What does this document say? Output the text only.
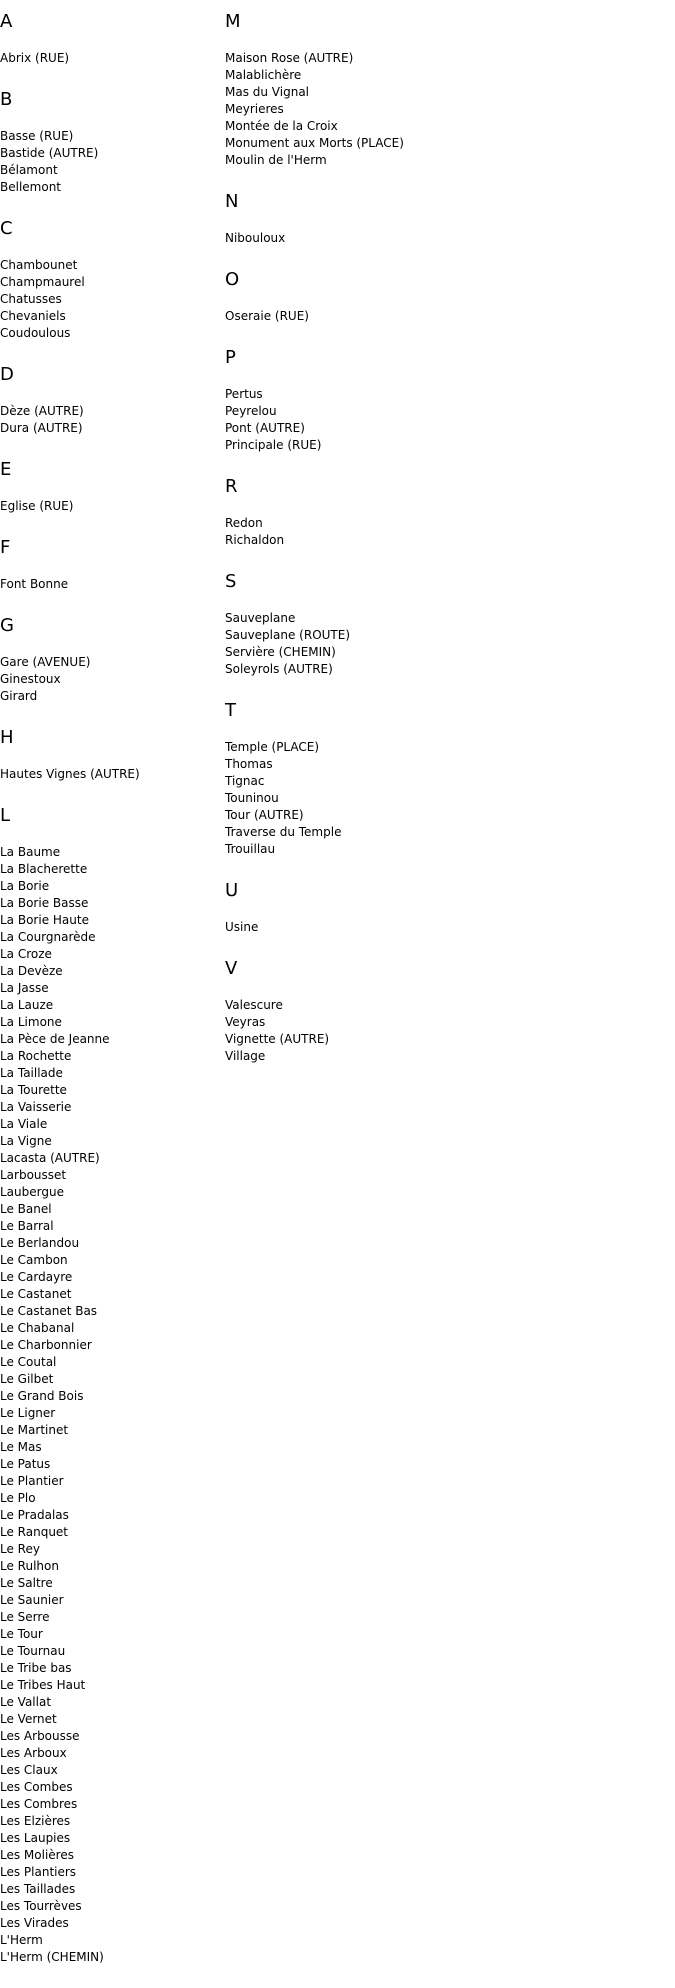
A
Abrix (RUE)
B
Basse (RUE)
Bastide (AUTRE)
Bélamont
Bellemont
C
Chambounet
Champmaurel
Chatusses
Chevaniels
Coudoulous
D
Dèze (AUTRE)
Dura (AUTRE)
E
Eglise (RUE)
F
Font Bonne
G
Gare (AVENUE)
Ginestoux
Girard
H
Hautes Vignes (AUTRE)
L
La Baume
La Blacherette
La Borie
La Borie Basse
La Borie Haute
La Courgnarède
La Croze
La Devèze
La Jasse
La Lauze
La Limone
La Pèce de Jeanne
La Rochette
La Taillade
La Tourette
La Vaisserie
La Viale
La Vigne
Lacasta (AUTRE)
Larbousset
Laubergue
Le Banel
Le Barral
Le Berlandou
Le Cambon
Le Cardayre
Le Castanet
Le Castanet Bas
Le Chabanal
Le Charbonnier
Le Coutal
Le Gilbet
Le Grand Bois
Le Ligner
Le Martinet
Le Mas
Le Patus
Le Plantier
Le Plo
Le Pradalas
Le Ranquet
Le Rey
Le Rulhon
Le Saltre
Le Saunier
Le Serre
Le Tour
Le Tournau
Le Tribe bas
Le Tribes Haut
Le Vallat
Le Vernet
Les Arbousse
Les Arboux
Les Claux
Les Combes
Les Combres
Les Elzières
Les Laupies
Les Molières
Les Plantiers
Les Taillades
Les Tourrèves
Les Virades
L'Herm
L'Herm (CHEMIN)
M
Maison Rose (AUTRE)
Malablichère
Mas du Vignal
Meyrieres
Montée de la Croix
Monument aux Morts (PLACE)
Moulin de l'Herm
N
Nibouloux
O
Oseraie (RUE)
P
Pertus
Peyrelou
Pont (AUTRE)
Principale (RUE)
R
Redon
Richaldon
S
Sauveplane
Sauveplane (ROUTE)
Servière (CHEMIN)
Soleyrols (AUTRE)
T
Temple (PLACE)
Thomas
Tignac
Touninou
Tour (AUTRE)
Traverse du Temple
Trouillau
U
Usine
V
Valescure
Veyras
Vignette (AUTRE)
Village
